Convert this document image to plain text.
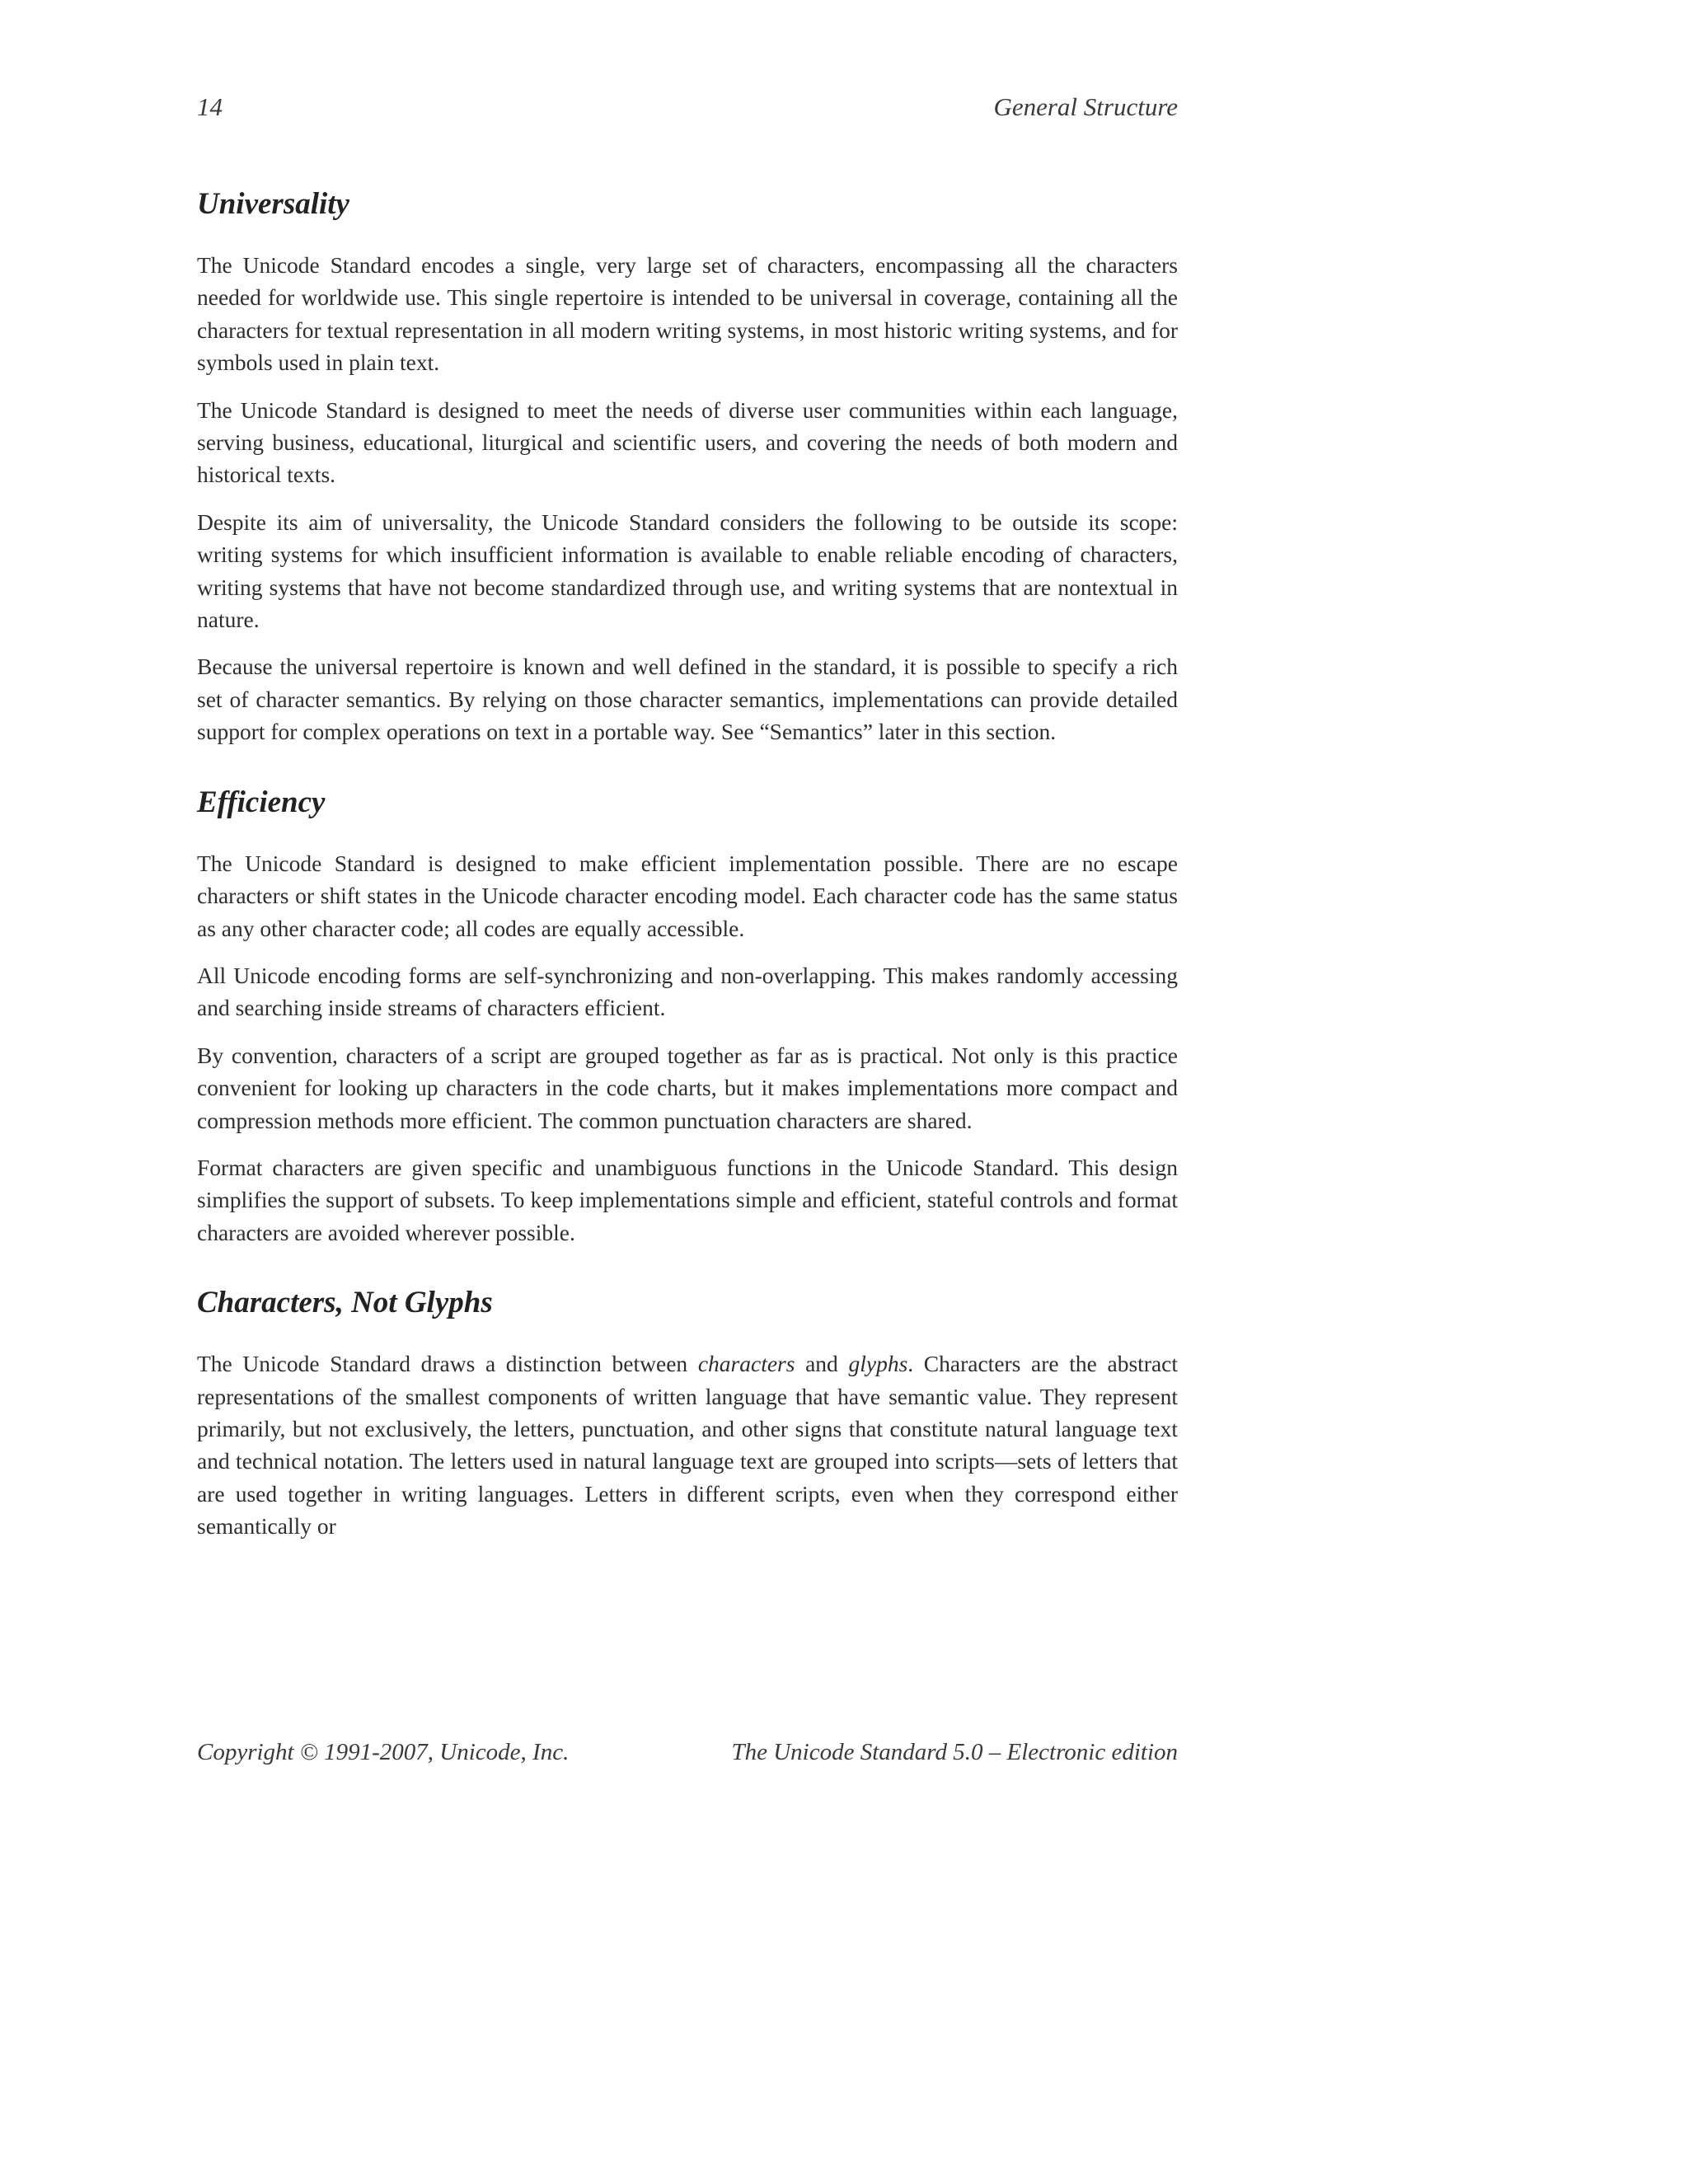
14	General Structure
Universality

The Unicode Standard encodes a single, very large set of characters, encompassing all the characters needed for worldwide use. This single repertoire is intended to be universal in coverage, containing all the characters for textual representation in all modern writing systems, in most historic writing systems, and for symbols used in plain text.

The Unicode Standard is designed to meet the needs of diverse user communities within each language, serving business, educational, liturgical and scientific users, and covering the needs of both modern and historical texts.

Despite its aim of universality, the Unicode Standard considers the following to be outside its scope: writing systems for which insufficient information is available to enable reliable encoding of characters, writing systems that have not become standardized through use, and writing systems that are nontextual in nature.

Because the universal repertoire is known and well defined in the standard, it is possible to specify a rich set of character semantics. By relying on those character semantics, implementations can provide detailed support for complex operations on text in a portable way. See “Semantics” later in this section.

Efficiency

The Unicode Standard is designed to make efficient implementation possible. There are no escape characters or shift states in the Unicode character encoding model. Each character code has the same status as any other character code; all codes are equally accessible.

All Unicode encoding forms are self-synchronizing and non-overlapping. This makes randomly accessing and searching inside streams of characters efficient.

By convention, characters of a script are grouped together as far as is practical. Not only is this practice convenient for looking up characters in the code charts, but it makes implementations more compact and compression methods more efficient. The common punctuation characters are shared.

Format characters are given specific and unambiguous functions in the Unicode Standard. This design simplifies the support of subsets. To keep implementations simple and efficient, stateful controls and format characters are avoided wherever possible.

Characters, Not Glyphs

The Unicode Standard draws a distinction between characters and glyphs. Characters are the abstract representations of the smallest components of written language that have semantic value. They represent primarily, but not exclusively, the letters, punctuation, and other signs that constitute natural language text and technical notation. The letters used in natural language text are grouped into scripts—sets of letters that are used together in writing languages. Letters in different scripts, even when they correspond either semantically or

Copyright © 1991-2007, Unicode, Inc.	The Unicode Standard 5.0 – Electronic edition
